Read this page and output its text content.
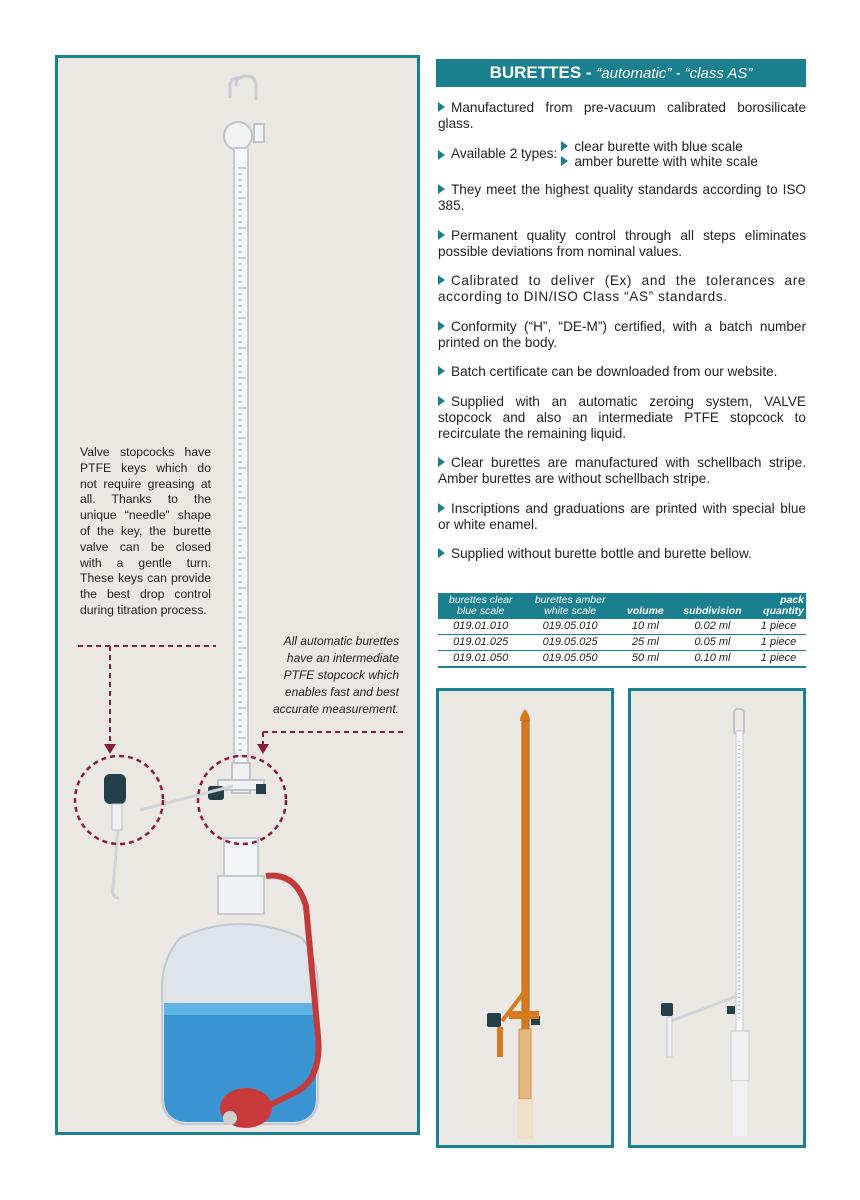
Valve stopcocks have PTFE keys which do not require greasing at all. Thanks to the unique “needle” shape of the key, the burette valve can be closed with a gentle turn. These keys can provide the best drop control during titration process.
All automatic burettes have an intermediate PTFE stopcock which enables fast and best accurate measurement.
BURETTES - “automatic” - “class AS”
Manufactured from pre-vacuum calibrated borosilicate glass.
Available 2 types:	clear burette with blue scale
amber burette with white scale
They meet the highest quality standards according to ISO 385.
Permanent quality control through all steps eliminates possible deviations from nominal values.
Calibrated to deliver (Ex) and the tolerances are according to DIN/ISO Class “AS” standards.
Conformity (“H”, “DE-M”) certified, with a batch number printed on the body.
Batch certificate can be downloaded from our website.
Supplied with an automatic zeroing system, VALVE stopcock and also an intermediate PTFE stopcock to recirculate the remaining liquid.
Clear burettes are manufactured with schellbach stripe. Amber burettes are without schellbach stripe.
Inscriptions and graduations are printed with special blue or white enamel.
Supplied without burette bottle and burette bellow.
burettes clear blue scale	burettes amber white scale	volume	subdivision	pack quantity
019.01.010	019.05.010	10 ml	0.02 ml	1 piece
019.01.025	019.05.025	25 ml	0.05 ml	1 piece
019.01.050	019.05.050	50 ml	0.10 ml	1 piece
